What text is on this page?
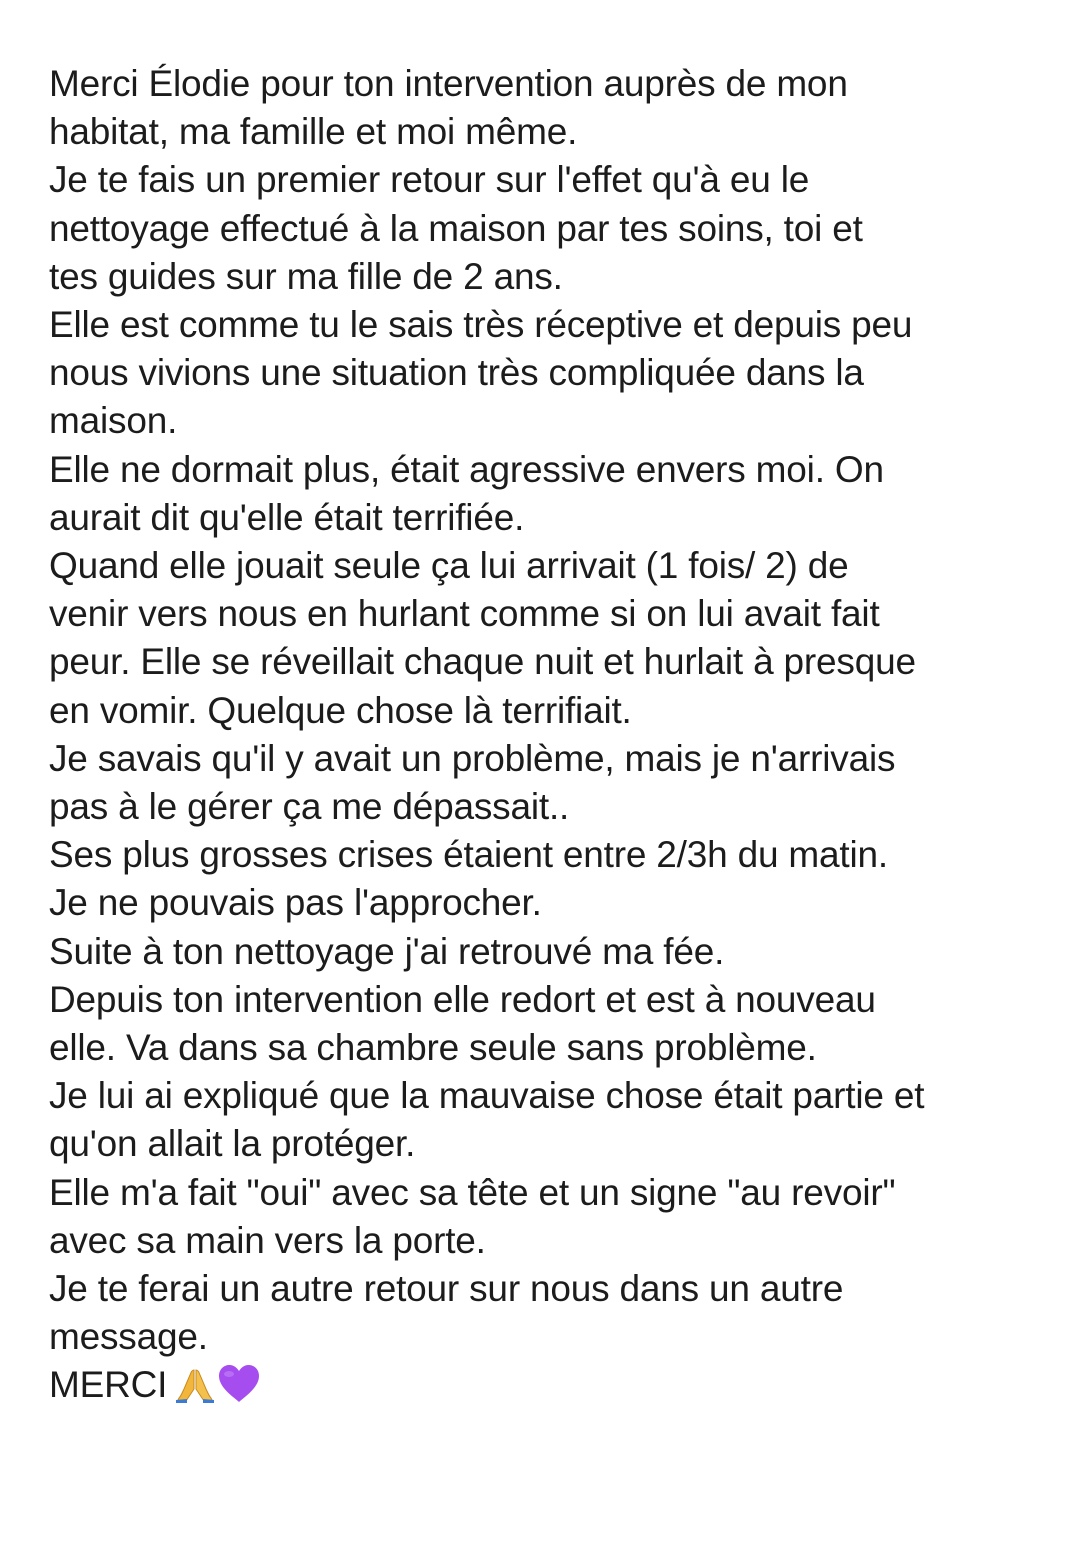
Merci Élodie pour ton intervention auprès de mon
habitat, ma famille et moi même.
Je te fais un premier retour sur l'effet qu'à eu le
nettoyage effectué à la maison par tes soins, toi et
tes guides sur ma fille de 2 ans.
Elle est comme tu le sais très réceptive et depuis peu
nous vivions une situation très compliquée dans la
maison.
Elle ne dormait plus, était agressive envers moi. On
aurait dit qu'elle était terrifiée.
Quand elle jouait seule ça lui arrivait (1 fois/ 2) de
venir vers nous en hurlant comme si on lui avait fait
peur. Elle se réveillait chaque nuit et hurlait à presque
en vomir. Quelque chose là terrifiait.
Je savais qu'il y avait un problème, mais je n'arrivais
pas à le gérer ça me dépassait..
Ses plus grosses crises étaient entre 2/3h du matin.
Je ne pouvais pas l'approcher.
Suite à ton nettoyage j'ai retrouvé ma fée.
Depuis ton intervention elle redort et est à nouveau
elle. Va dans sa chambre seule sans problème.
Je lui ai expliqué que la mauvaise chose était partie et
qu'on allait la protéger.
Elle m'a fait "oui" avec sa tête et un signe "au revoir"
avec sa main vers la porte.
Je te ferai un autre retour sur nous dans un autre
message.
MERCI
